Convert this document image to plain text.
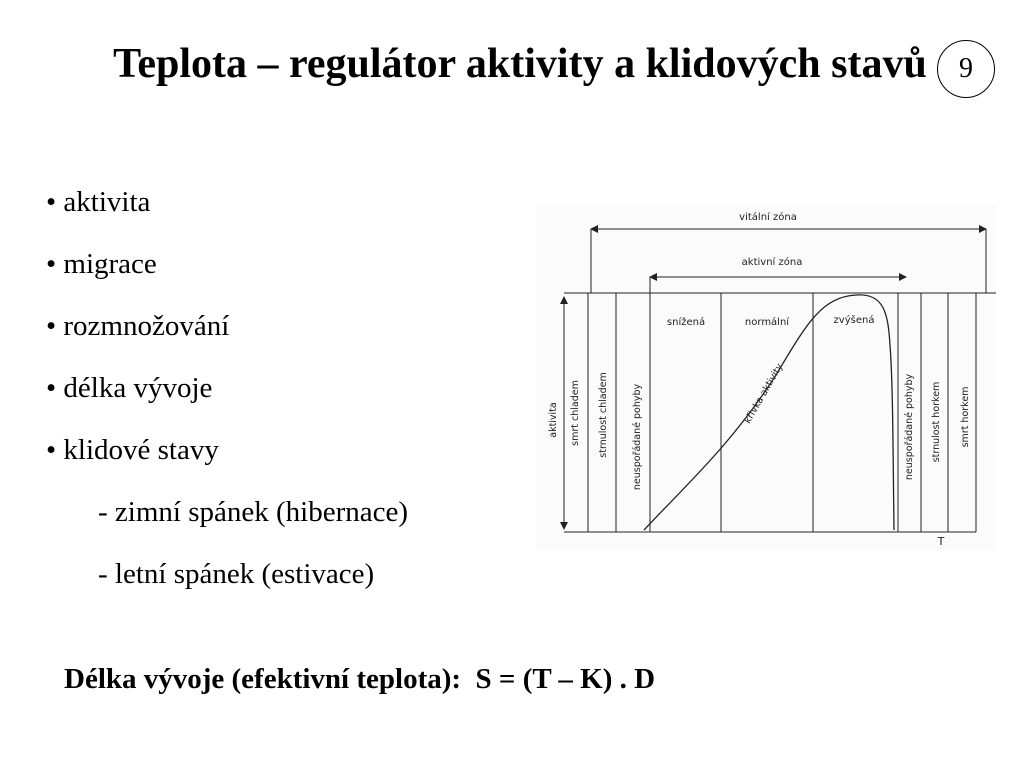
Teplota – regulátor aktivity a klidových stavů	9
• aktivita
• migrace
• rozmnožování
• délka vývoje
• klidové stavy
- zimní spánek (hibernace)
- letní spánek (estivace)
vitální zóna
aktivní zóna
snížená	normální	zvýšená
aktivita smrt chladem strnulost chladem neuspořádané pohyby	neuspořádané pohyby strnulost horkem smrt horkem
křivka aktivity
T
Délka vývoje (efektivní teplota):  S = (T – K) . D
